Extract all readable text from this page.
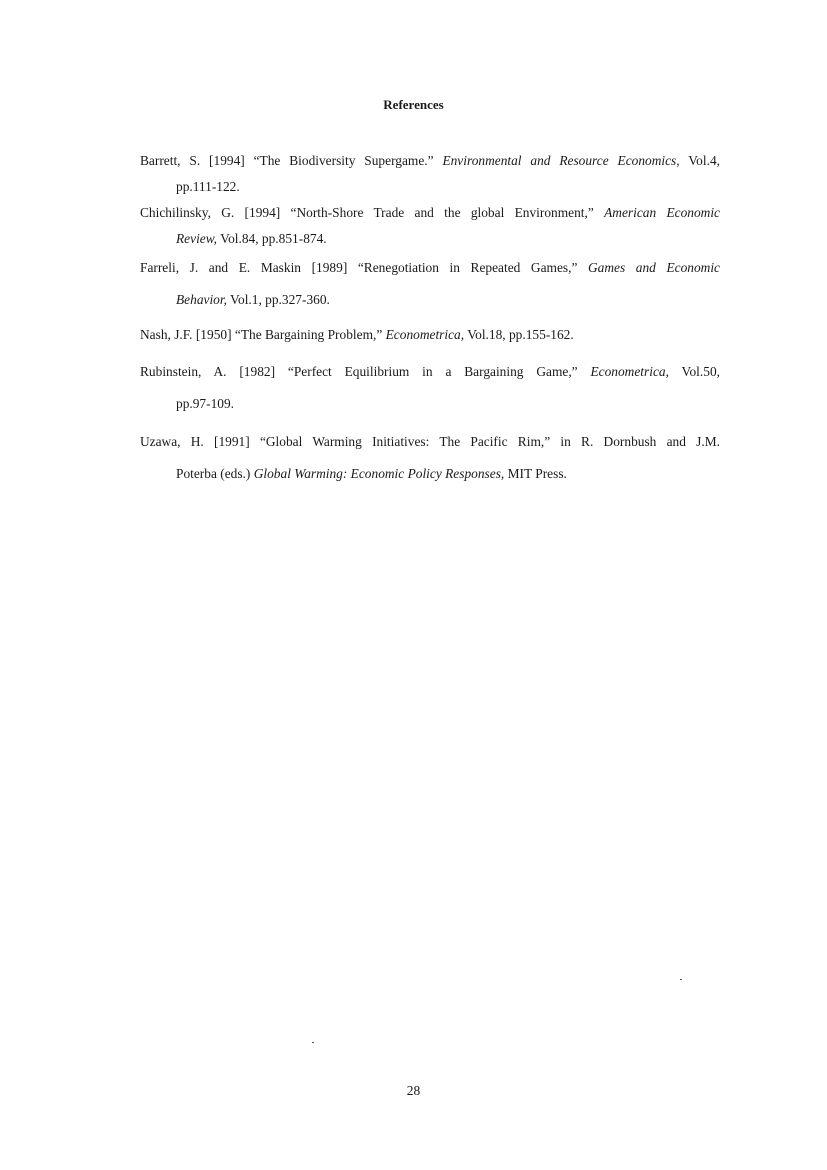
References
Barrett, S. [1994] “The Biodiversity Supergame.” Environmental and Resource Economics, Vol.4,
pp.111-122.
Chichilinsky, G. [1994] “North-Shore Trade and the global Environment,” American Economic
Review, Vol.84, pp.851-874.
Farreli, J. and E. Maskin [1989] “Renegotiation in Repeated Games,” Games and Economic
Behavior, Vol.1, pp.327-360.
Nash, J.F. [1950] “The Bargaining Problem,” Econometrica, Vol.18, pp.155-162.
Rubinstein, A. [1982] “Perfect Equilibrium in a Bargaining Game,” Econometrica, Vol.50,
pp.97-109.
Uzawa, H. [1991] “Global Warming Initiatives: The Pacific Rim,” in R. Dornbush and J.M.
Poterba (eds.) Global Warming: Economic Policy Responses, MIT Press.

28
